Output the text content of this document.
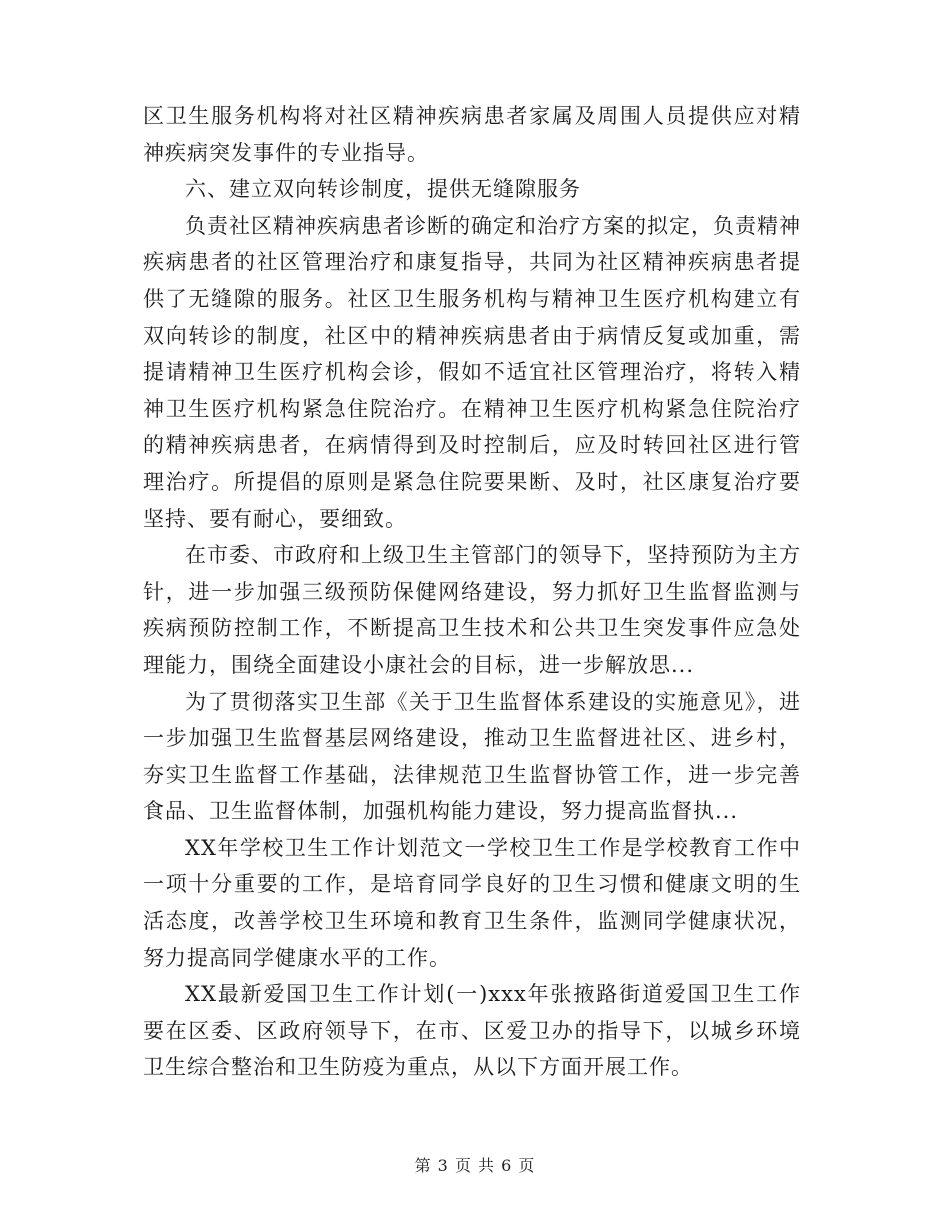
区卫生服务机构将对社区精神疾病患者家属及周围人员提供应对精神疾病突发事件的专业指导。

六、建立双向转诊制度，提供无缝隙服务

负责社区精神疾病患者诊断的确定和治疗方案的拟定，负责精神疾病患者的社区管理治疗和康复指导，共同为社区精神疾病患者提供了无缝隙的服务。社区卫生服务机构与精神卫生医疗机构建立有双向转诊的制度，社区中的精神疾病患者由于病情反复或加重，需提请精神卫生医疗机构会诊，假如不适宜社区管理治疗，将转入精神卫生医疗机构紧急住院治疗。在精神卫生医疗机构紧急住院治疗的精神疾病患者，在病情得到及时控制后，应及时转回社区进行管理治疗。所提倡的原则是紧急住院要果断、及时，社区康复治疗要坚持、要有耐心，要细致。

在市委、市政府和上级卫生主管部门的领导下，坚持预防为主方针，进一步加强三级预防保健网络建设，努力抓好卫生监督监测与疾病预防控制工作，不断提高卫生技术和公共卫生突发事件应急处理能力，围绕全面建设小康社会的目标，进一步解放思...

为了贯彻落实卫生部《关于卫生监督体系建设的实施意见》，进一步加强卫生监督基层网络建设，推动卫生监督进社区、进乡村，夯实卫生监督工作基础，法律规范卫生监督协管工作，进一步完善食品、卫生监督体制，加强机构能力建设，努力提高监督执...

XX年学校卫生工作计划范文一学校卫生工作是学校教育工作中一项十分重要的工作，是培育同学良好的卫生习惯和健康文明的生活态度，改善学校卫生环境和教育卫生条件，监测同学健康状况，努力提高同学健康水平的工作。

XX最新爱国卫生工作计划(一)xxx年张掖路街道爱国卫生工作要在区委、区政府领导下，在市、区爱卫办的指导下，以城乡环境卫生综合整治和卫生防疫为重点，从以下方面开展工作。

第 3 页 共 6 页
